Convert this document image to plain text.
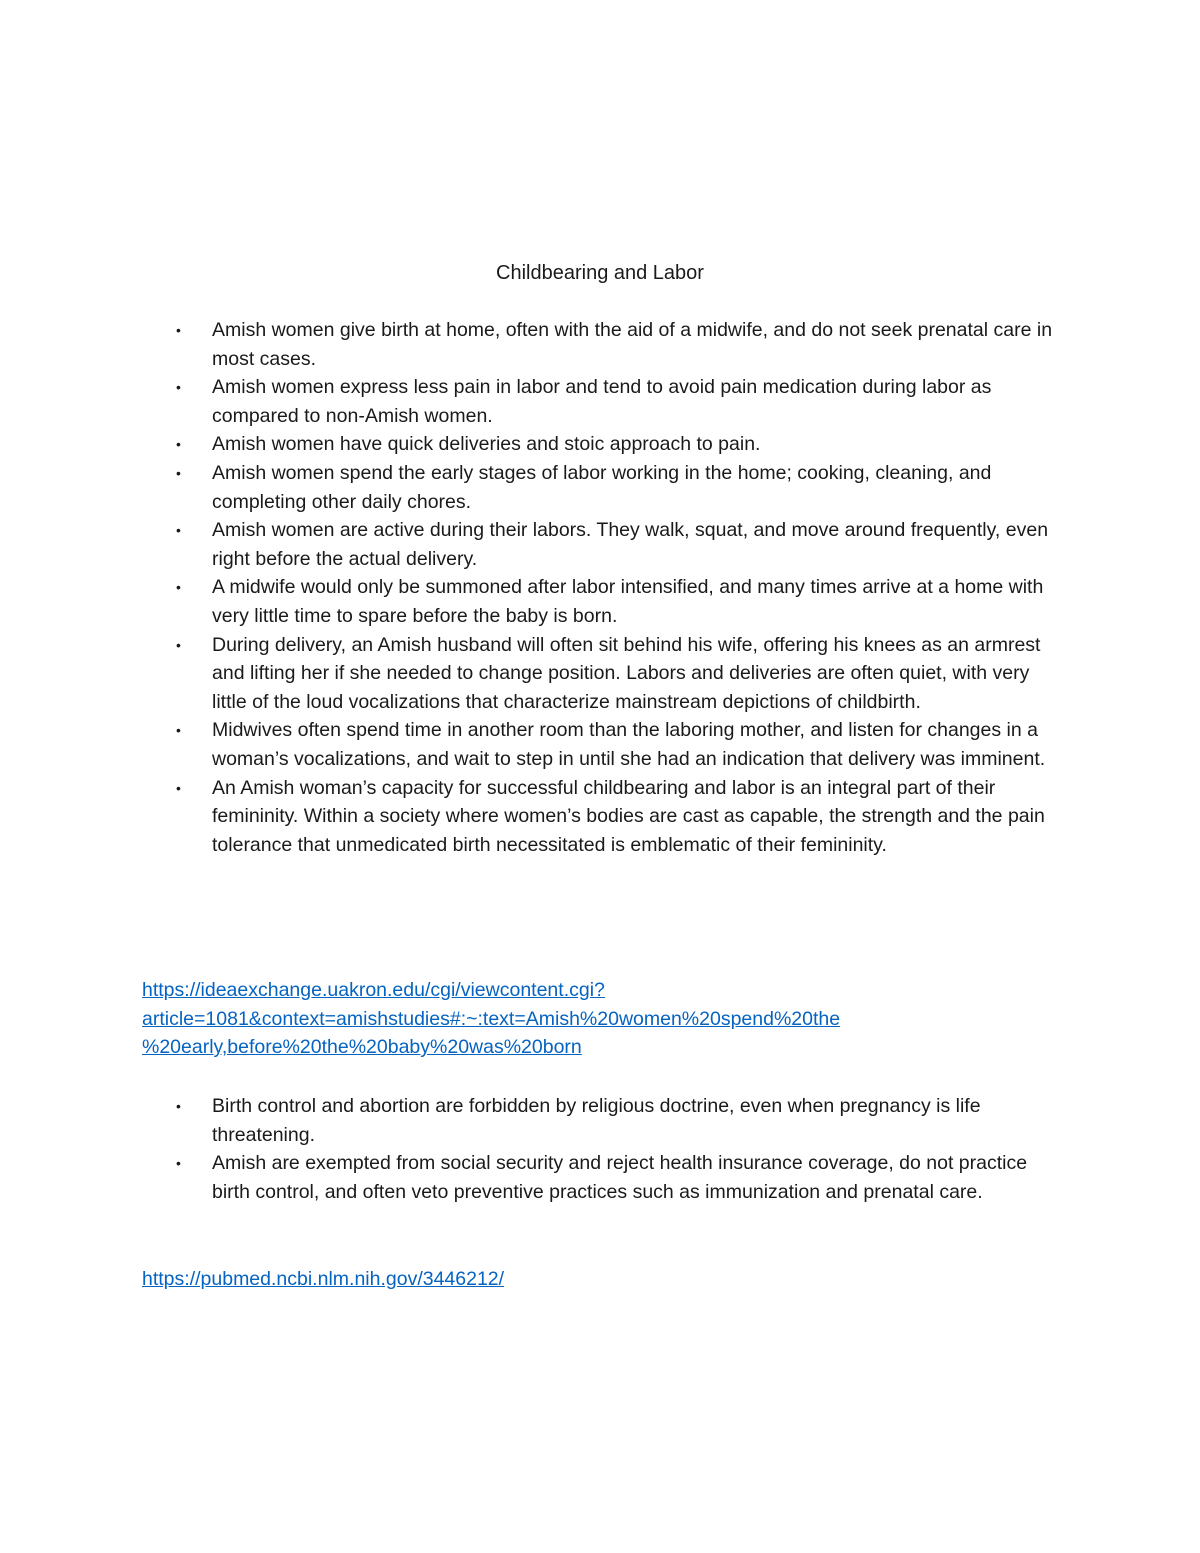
Childbearing and Labor
• Amish women give birth at home, often with the aid of a midwife, and do not seek prenatal care in most cases.
• Amish women express less pain in labor and tend to avoid pain medication during labor as compared to non-Amish women.
• Amish women have quick deliveries and stoic approach to pain.
• Amish women spend the early stages of labor working in the home; cooking, cleaning, and completing other daily chores.
• Amish women are active during their labors. They walk, squat, and move around frequently, even right before the actual delivery.
• A midwife would only be summoned after labor intensified, and many times arrive at a home with very little time to spare before the baby is born.
• During delivery, an Amish husband will often sit behind his wife, offering his knees as an armrest and lifting her if she needed to change position. Labors and deliveries are often quiet, with very little of the loud vocalizations that characterize mainstream depictions of childbirth.
• Midwives often spend time in another room than the laboring mother, and listen for changes in a woman’s vocalizations, and wait to step in until she had an indication that delivery was imminent.
• An Amish woman’s capacity for successful childbearing and labor is an integral part of their femininity. Within a society where women’s bodies are cast as capable, the strength and the pain tolerance that unmedicated birth necessitated is emblematic of their femininity.
https://ideaexchange.uakron.edu/cgi/viewcontent.cgi?
article=1081&context=amishstudies#:~:text=Amish%20women%20spend%20the
%20early,before%20the%20baby%20was%20born
• Birth control and abortion are forbidden by religious doctrine, even when pregnancy is life threatening.
• Amish are exempted from social security and reject health insurance coverage, do not practice birth control, and often veto preventive practices such as immunization and prenatal care.
https://pubmed.ncbi.nlm.nih.gov/3446212/
